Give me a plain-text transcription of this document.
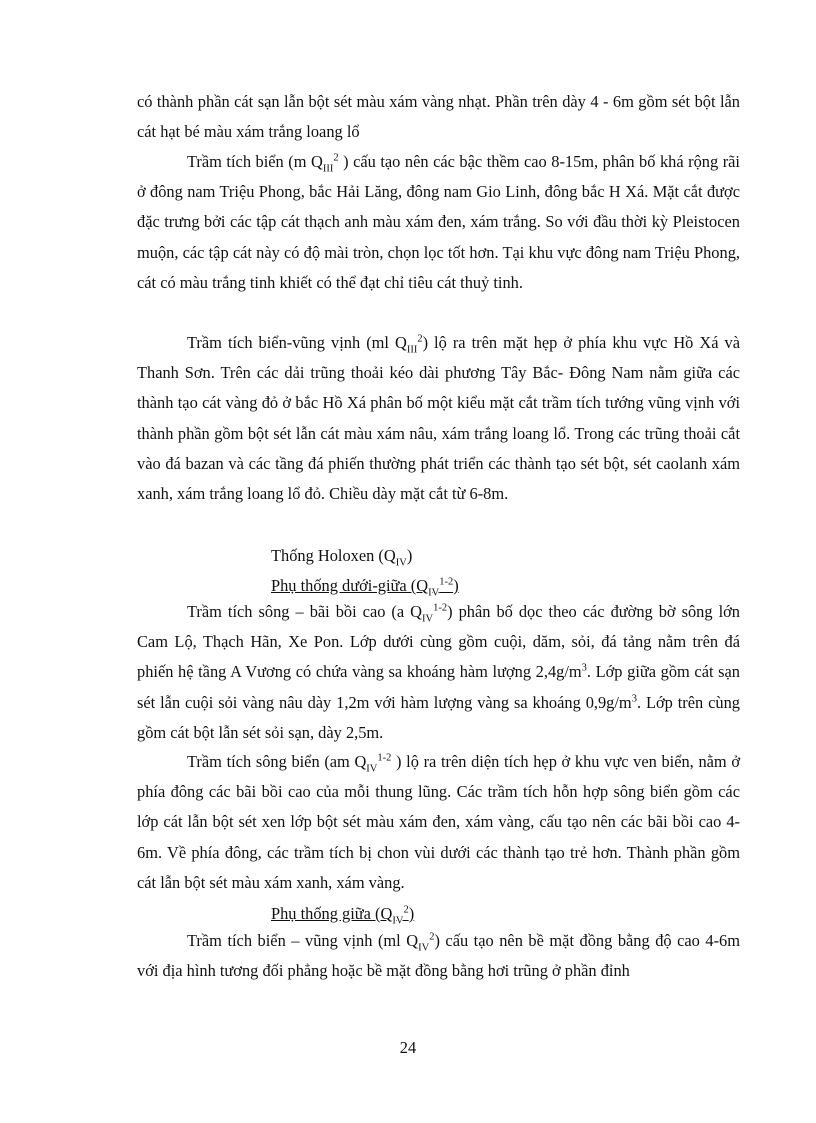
có thành phần cát sạn lẫn bột sét màu xám vàng nhạt. Phần trên dày 4 - 6m gồm sét bột lẫn cát hạt bé màu xám trắng loang lổ

Trầm tích biển (m $Q_{III}^2$ ) cấu tạo nên các bậc thềm cao 8-15m, phân bố khá rộng rãi ở đông nam Triệu Phong, bắc Hải Lăng, đông nam Gio Linh, đông bắc H Xá. Mặt cắt được đặc trưng bởi các tập cát thạch anh màu xám đen, xám trắng. So với đầu thời kỳ Pleistocen muộn, các tập cát này có độ mài tròn, chọn lọc tốt hơn. Tại khu vực đông nam Triệu Phong, cát có màu trắng tinh khiết có thể đạt chỉ tiêu cát thuỷ tinh.

Trầm tích biển-vũng vịnh (ml $Q_{III}^2$) lộ ra trên mặt hẹp ở phía khu vực Hồ Xá và Thanh Sơn. Trên các dải trũng thoải kéo dài phương Tây Bắc- Đông Nam nằm giữa các thành tạo cát vàng đỏ ở bắc Hồ Xá phân bố một kiểu mặt cắt trầm tích tướng vũng vịnh với thành phần gồm bột sét lẫn cát màu xám nâu, xám trắng loang lổ. Trong các trũng thoải cắt vào đá bazan và các tầng đá phiến thường phát triển các thành tạo sét bột, sét caolanh xám xanh, xám trắng loang lổ đỏ. Chiều dày mặt cắt từ 6-8m.

Thống Holoxen $(Q_{IV})$

Phụ thống dưới-giữa $(Q_{IV}^{1-2})$

Trầm tích sông – bãi bồi cao (a $Q_{IV}^{1-2}$) phân bố dọc theo các đường bờ sông lớn Cam Lộ, Thạch Hãn, Xe Pon. Lớp dưới cùng gồm cuội, dăm, sỏi, đá tảng nằm trên đá phiến hệ tầng A Vương có chứa vàng sa khoáng hàm lượng $2,4g/m^3$. Lớp giữa gồm cát sạn sét lẫn cuội sỏi vàng nâu dày 1,2m với hàm lượng vàng sa khoáng $0,9g/m^3$. Lớp trên cùng gồm cát bột lẫn sét sỏi sạn, dày 2,5m.

Trầm tích sông biển (am $Q_{IV}^{1-2}$ ) lộ ra trên diện tích hẹp ở khu vực ven biển, nằm ở phía đông các bãi bồi cao của mỗi thung lũng. Các trầm tích hỗn hợp sông biển gồm các lớp cát lẫn bột sét xen lớp bột sét màu xám đen, xám vàng, cấu tạo nên các bãi bồi cao 4-6m. Về phía đông, các trầm tích bị chon vùi dưới các thành tạo trẻ hơn. Thành phần gồm cát lẫn bột sét màu xám xanh, xám vàng.

Phụ thống giữa $(Q_{IV}^2)$

Trầm tích biển – vũng vịnh (ml $Q_{IV}^2$) cấu tạo nên bề mặt đồng bằng độ cao 4-6m với địa hình tương đối phẳng hoặc bề mặt đồng bằng hơi trũng ở phần đỉnh

24
